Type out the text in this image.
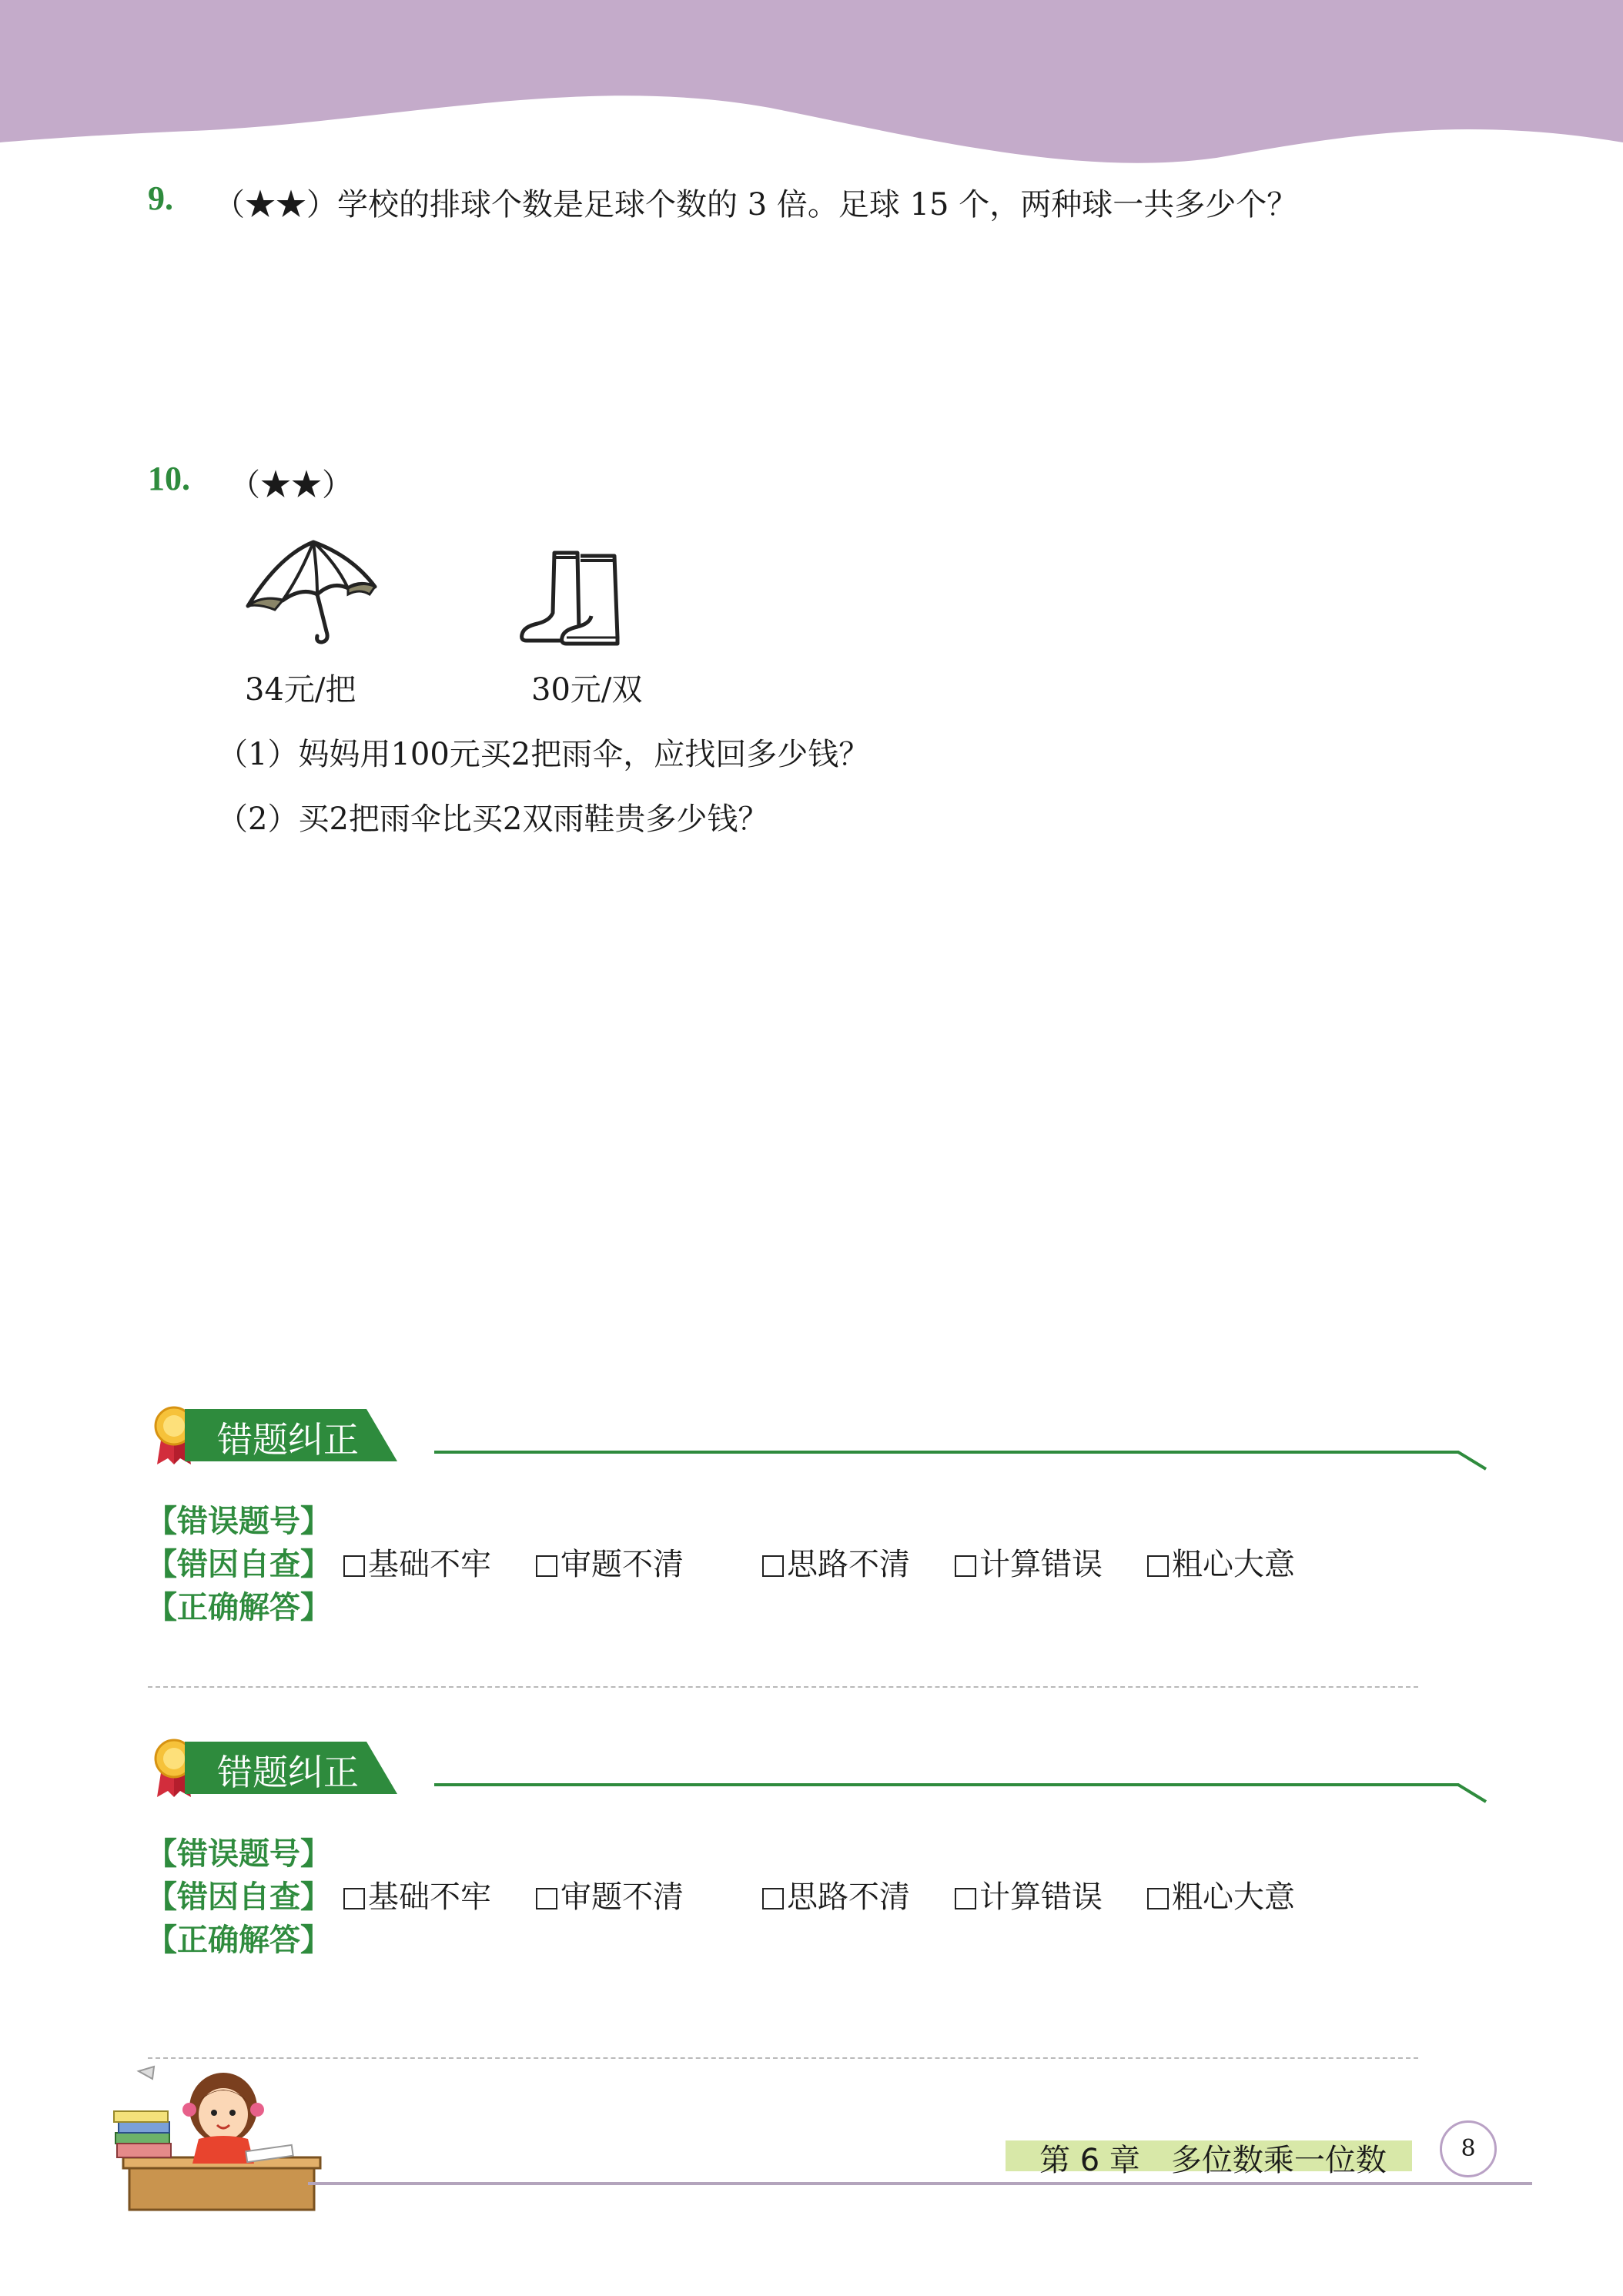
9. （★★）学校的排球个数是足球个数的 3 倍。足球 15 个，两种球一共多少个？
10. （★★）
34元/把	30元/双
（1）妈妈用100元买2把雨伞，应找回多少钱？
（2）买2把雨伞比买2双雨鞋贵多少钱？
错题纠正
【错误题号】
【错因自查】	基础不牢	审题不清	思路不清	计算错误	粗心大意
【正确解答】
错题纠正
【错误题号】
【错因自查】	基础不牢	审题不清	思路不清	计算错误	粗心大意
【正确解答】
第 6 章　多位数乘一位数	8
